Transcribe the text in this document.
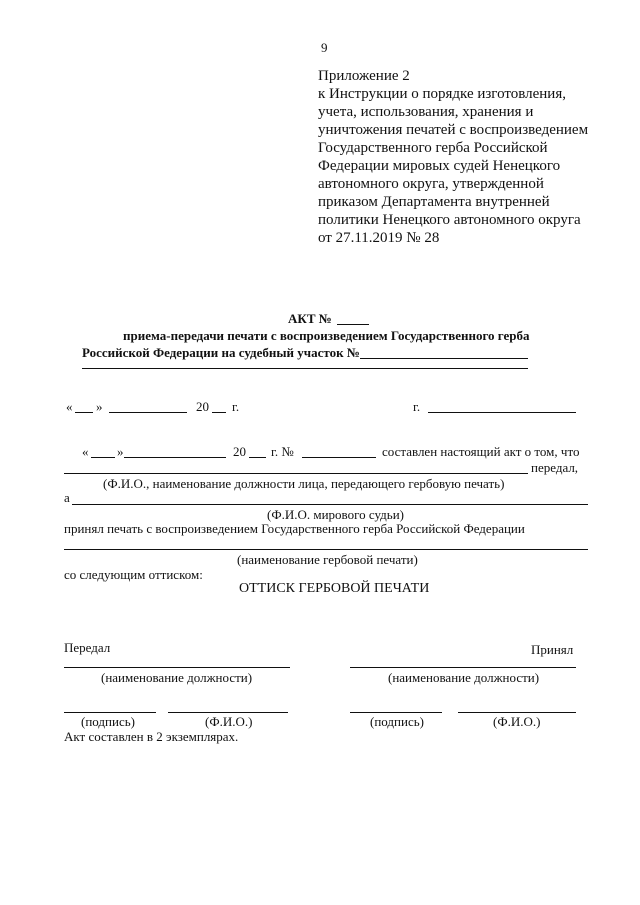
9
Приложение 2
к Инструкции о порядке изготовления,
учета, использования, хранения и
уничтожения печатей с воспроизведением
Государственного герба Российской
Федерации мировых судей Ненецкого
автономного округа, утвержденной
приказом Департамента внутренней
политики Ненецкого автономного округа
от 27.11.2019 № 28
АКТ №
приема-передачи печати с воспроизведением Государственного герба
Российской Федерации на судебный участок №
« »	20 г.	г.
« »	20 г. №	составлен настоящий акт о том, что
передал,
(Ф.И.О., наименование должности лица, передающего гербовую печать)
а
(Ф.И.О. мирового судьи)
принял печать с воспроизведением Государственного герба Российской Федерации
(наименование гербовой печати)
со следующим оттиском:
ОТТИСК ГЕРБОВОЙ ПЕЧАТИ
Передал	Принял
(наименование должности)	(наименование должности)
(подпись)	(Ф.И.О.)	(подпись)	(Ф.И.О.)
Акт составлен в 2 экземплярах.
